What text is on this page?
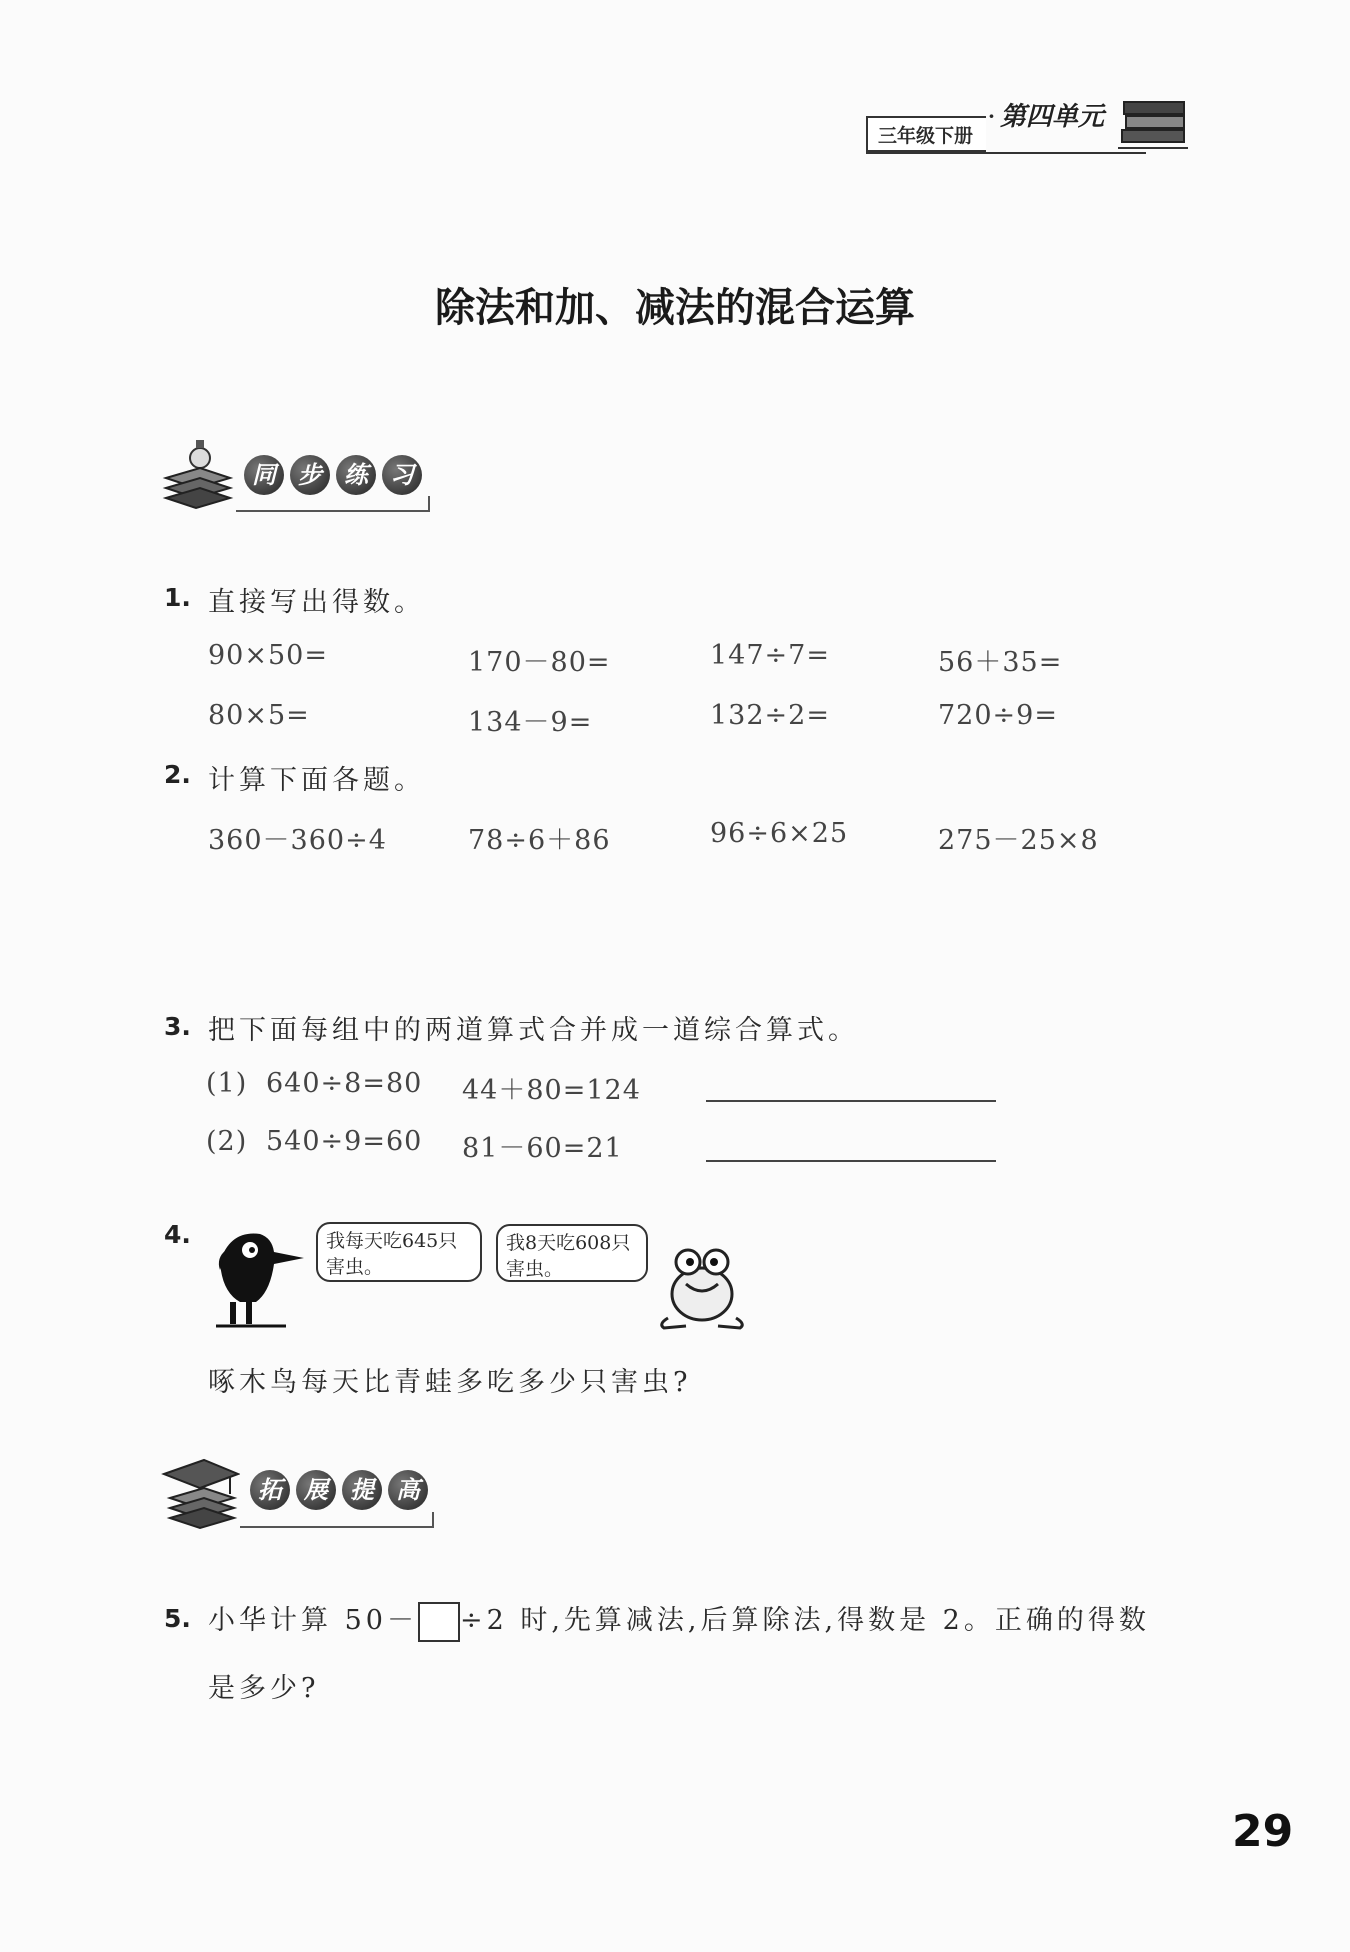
三年级下册
· 第四单元
除法和加、减法的混合运算
同 步 练 习
1. 直接写出得数。
90×50=	170－80=	147÷7=	56＋35=
80×5=	134－9=	132÷2=	720÷9=
2. 计算下面各题。
360－360÷4	78÷6＋86	96÷6×25	275－25×8
3. 把下面每组中的两道算式合并成一道综合算式。
(1) 640÷8=80 44＋80=124
(2) 540÷9=60 81－60=21
4.	我每天吃645只
害虫。
我8天吃608只
害虫。
啄木鸟每天比青蛙多吃多少只害虫?
拓 展 提 高
5. 小华计算 50－ ÷2 时,先算减法,后算除法,得数是 2。正确的得数
是多少?
29
